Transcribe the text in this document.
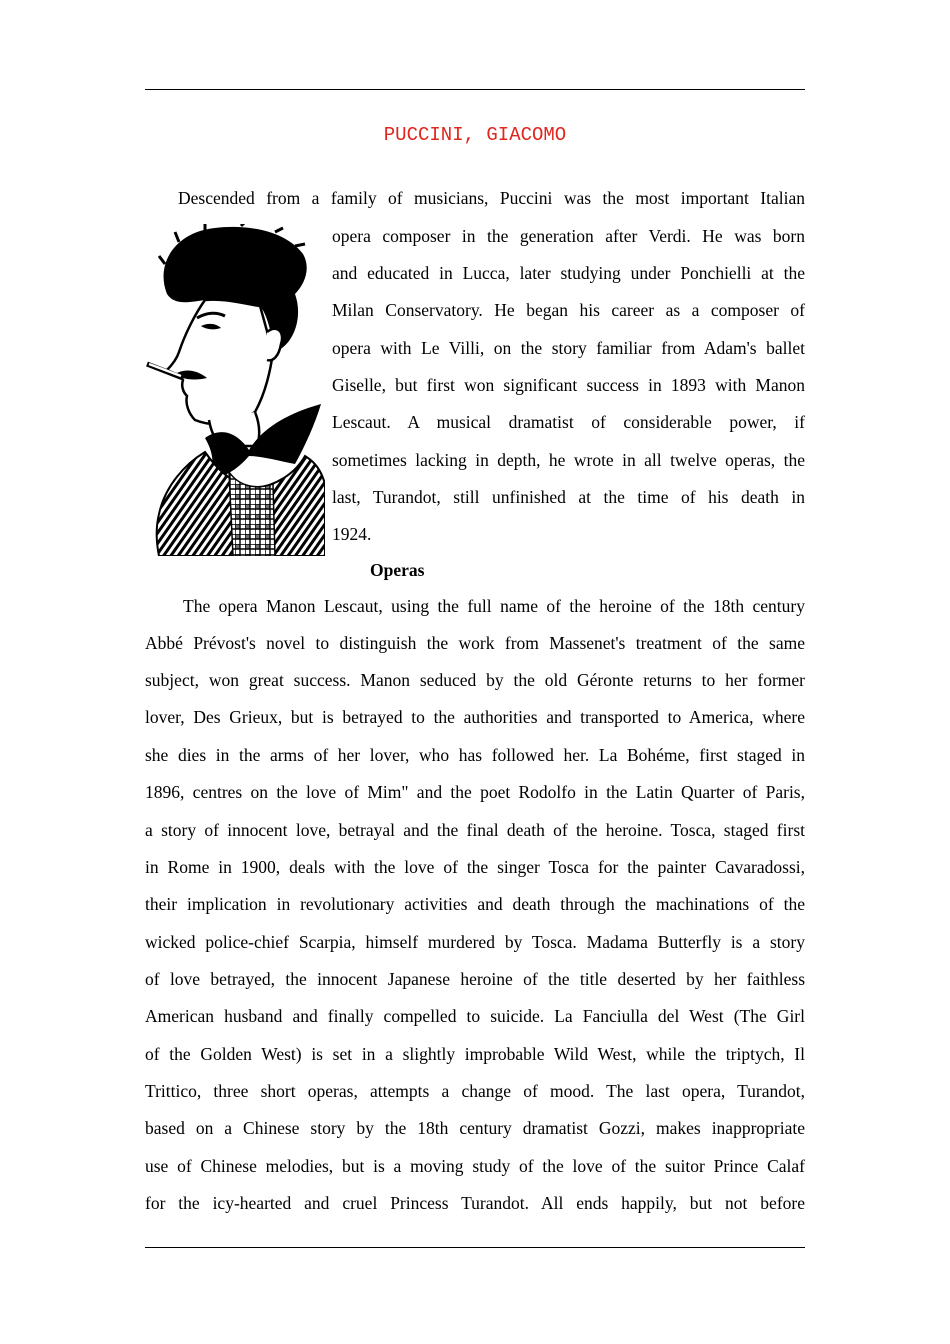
PUCCINI, GIACOMO
Descended from a family of musicians, Puccini was the most important Italian
opera composer in the generation after Verdi. He was born
and educated in Lucca, later studying under Ponchielli at the
Milan Conservatory. He began his career as a composer of
opera with Le Villi, on the story familiar from Adam's ballet
Giselle, but first won significant success in 1893 with Manon
Lescaut. A musical dramatist of considerable power, if
sometimes lacking in depth, he wrote in all twelve operas, the
last, Turandot, still unfinished at the time of his death in
1924.
Operas
The opera Manon Lescaut, using the full name of the heroine of the 18th century
Abbé Prévost's novel to distinguish the work from Massenet's treatment of the same
subject, won great success. Manon seduced by the old Géronte returns to her former
lover, Des Grieux, but is betrayed to the authorities and transported to America, where
she dies in the arms of her lover, who has followed her. La Bohéme, first staged in
1896, centres on the love of Mim" and the poet Rodolfo in the Latin Quarter of Paris,
a story of innocent love, betrayal and the final death of the heroine. Tosca, staged first
in Rome in 1900, deals with the love of the singer Tosca for the painter Cavaradossi,
their implication in revolutionary activities and death through the machinations of the
wicked police-chief Scarpia, himself murdered by Tosca. Madama Butterfly is a story
of love betrayed, the innocent Japanese heroine of the title deserted by her faithless
American husband and finally compelled to suicide. La Fanciulla del West (The Girl
of the Golden West) is set in a slightly improbable Wild West, while the triptych, Il
Trittico, three short operas, attempts a change of mood. The last opera, Turandot,
based on a Chinese story by the 18th century dramatist Gozzi, makes inappropriate
use of Chinese melodies, but is a moving study of the love of the suitor Prince Calaf
for the icy-hearted and cruel Princess Turandot. All ends happily, but not before
